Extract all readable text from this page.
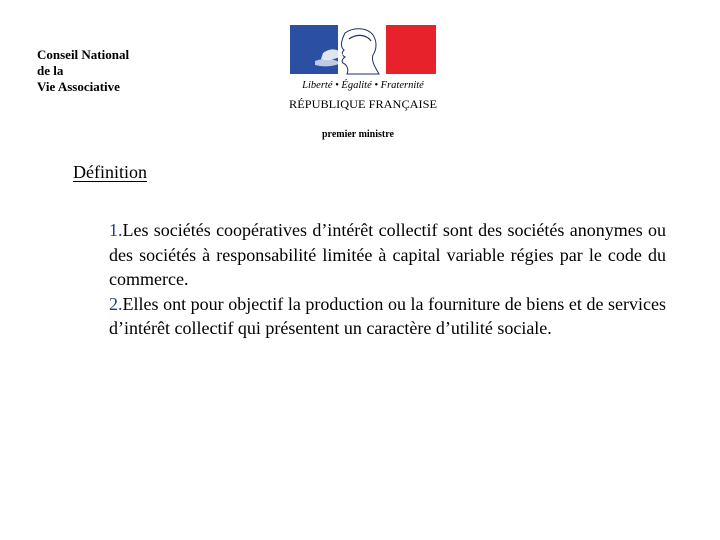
Conseil National
de la
Vie Associative	Liberté • Égalité • Fraternité
RÉPUBLIQUE FRANÇAISE
premier ministre
Définition

1.Les sociétés coopératives d’intérêt collectif sont des sociétés anonymes ou des sociétés à responsabilité limitée à capital variable régies par le code du commerce.

2.Elles ont pour objectif la production ou la fourniture de biens et de services d’intérêt collectif qui présentent un caractère d’utilité sociale.
